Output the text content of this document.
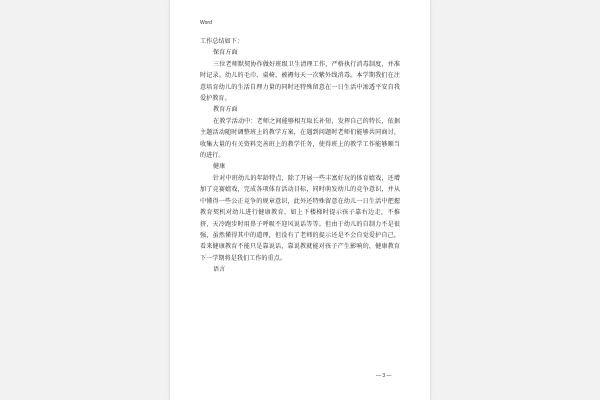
Word

工作总结如下：

保育方面

三位老师默契协作做好班级卫生清理工作，严格执行消毒制度，并准时记录。幼儿的毛巾、桌椅、被褥每天一次紫外线消毒。本学期我们在注意培育幼儿的生活自理力量的同时还特殊留意在一日生活中渗透平安自我爱护教育。

教育方面

在教学活动中：老师之间能够相互取长补短，发挥自己的特长，依据主题活动随时调整班上的教学方案，在遇到问题时老师们能够共同商讨，收集大量的有关资料完善班上的教学任务，使得班上的教学工作能够顺当的进行。

健康

针对中班幼儿的年龄特点，除了开展一些丰富好玩的体育嬉戏，还增加了竞赛嬉戏，完成各项体育活动目标，同时萌发幼儿的竞争意识，并从中懂得一些公正竞争的规章意识，此外还特殊留意在幼儿一日生活中把握教育契机对幼儿进行健康教育，如上下楼梯时提示孩子靠右边走，不推挤，天冷跑步时用鼻子呼吸不迎风说话等等。但由于幼儿的自制力不是很强，虽然懂得其中的道理，但没有了老师的提示还是不会自觉爱护自己，看来健康教育不能只是靠说话，靠说教就能对孩子产生影响的，健康教育下一学期将是我们工作的重点。

语言

— 3 —
